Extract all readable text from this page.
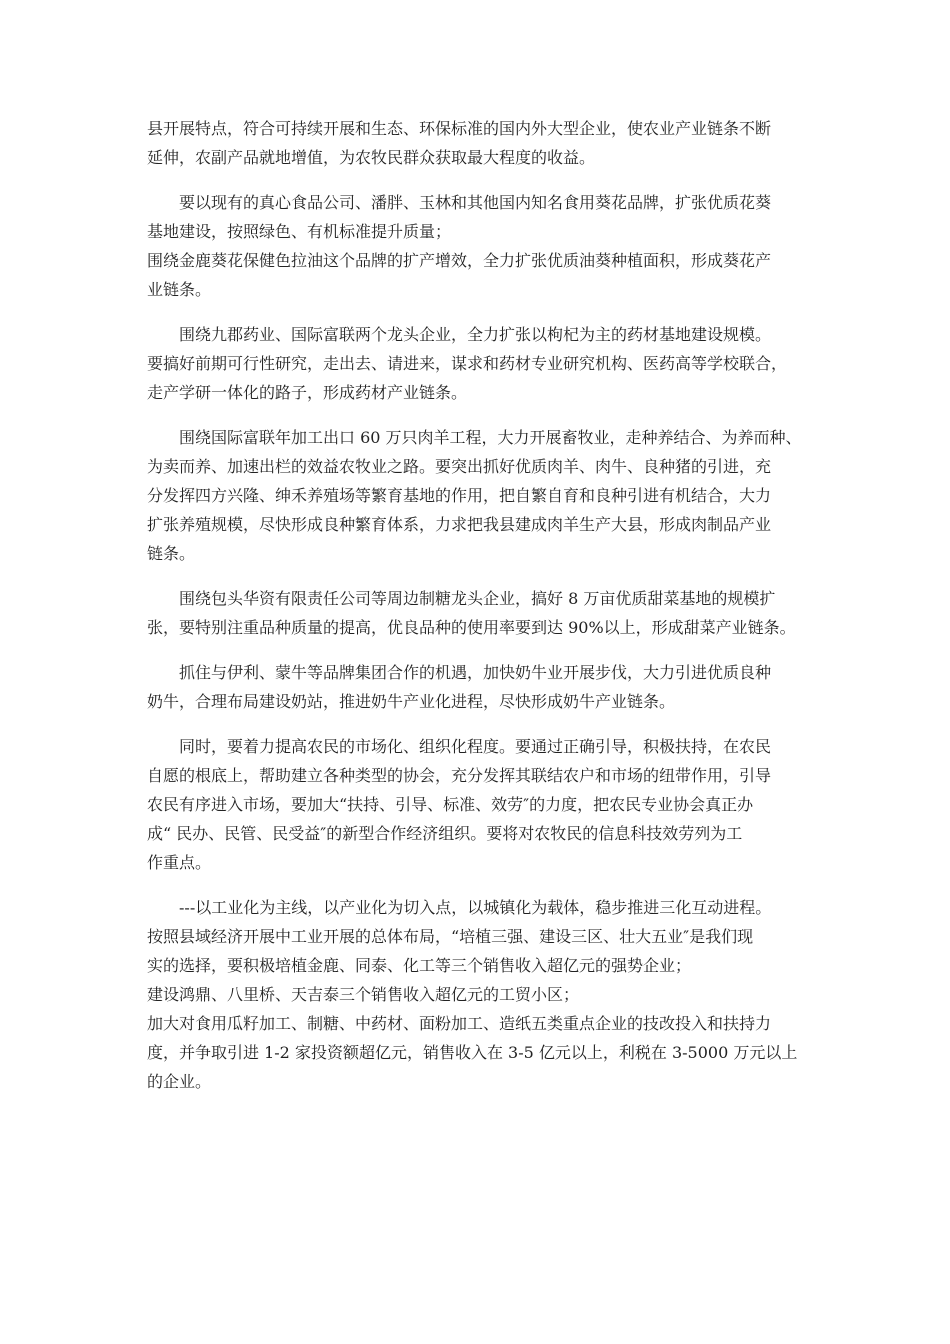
县开展特点，符合可持续开展和生态、环保标准的国内外大型企业，使农业产业链条不断
延伸，农副产品就地增值，为农牧民群众获取最大程度的收益。
要以现有的真心食品公司、潘胖、玉林和其他国内知名食用葵花品牌，扩张优质花葵
基地建设，按照绿色、有机标准提升质量；
围绕金鹿葵花保健色拉油这个品牌的扩产增效，全力扩张优质油葵种植面积，形成葵花产
业链条。
围绕九郡药业、国际富联两个龙头企业，全力扩张以枸杞为主的药材基地建设规模。
要搞好前期可行性研究，走出去、请进来，谋求和药材专业研究机构、医药高等学校联合，
走产学研一体化的路子，形成药材产业链条。
围绕国际富联年加工出口 60 万只肉羊工程，大力开展畜牧业，走种养结合、为养而种、
为卖而养、加速出栏的效益农牧业之路。要突出抓好优质肉羊、肉牛、良种猪的引进，充
分发挥四方兴隆、绅禾养殖场等繁育基地的作用，把自繁自育和良种引进有机结合，大力
扩张养殖规模，尽快形成良种繁育体系，力求把我县建成肉羊生产大县，形成肉制品产业
链条。
围绕包头华资有限责任公司等周边制糖龙头企业，搞好 8 万亩优质甜菜基地的规模扩
张，要特别注重品种质量的提高，优良品种的使用率要到达 90%以上，形成甜菜产业链条。
抓住与伊利、蒙牛等品牌集团合作的机遇，加快奶牛业开展步伐，大力引进优质良种
奶牛，合理布局建设奶站，推进奶牛产业化进程，尽快形成奶牛产业链条。
同时，要着力提高农民的市场化、组织化程度。要通过正确引导，积极扶持，在农民
自愿的根底上，帮助建立各种类型的协会，充分发挥其联结农户和市场的纽带作用，引导
农民有序进入市场，要加大“扶持、引导、标准、效劳″的力度，把农民专业协会真正办
成“ 民办、民管、民受益″的新型合作经济组织。要将对农牧民的信息科技效劳列为工
作重点。
---以工业化为主线，以产业化为切入点，以城镇化为载体，稳步推进三化互动进程。
按照县域经济开展中工业开展的总体布局，“培植三强、建设三区、壮大五业″是我们现
实的选择，要积极培植金鹿、同泰、化工等三个销售收入超亿元的强势企业；
建设鸿鼎、八里桥、天吉泰三个销售收入超亿元的工贸小区；
加大对食用瓜籽加工、制糖、中药材、面粉加工、造纸五类重点企业的技改投入和扶持力
度，并争取引进 1-2 家投资额超亿元，销售收入在 3-5 亿元以上，利税在 3-5000 万元以上
的企业。
